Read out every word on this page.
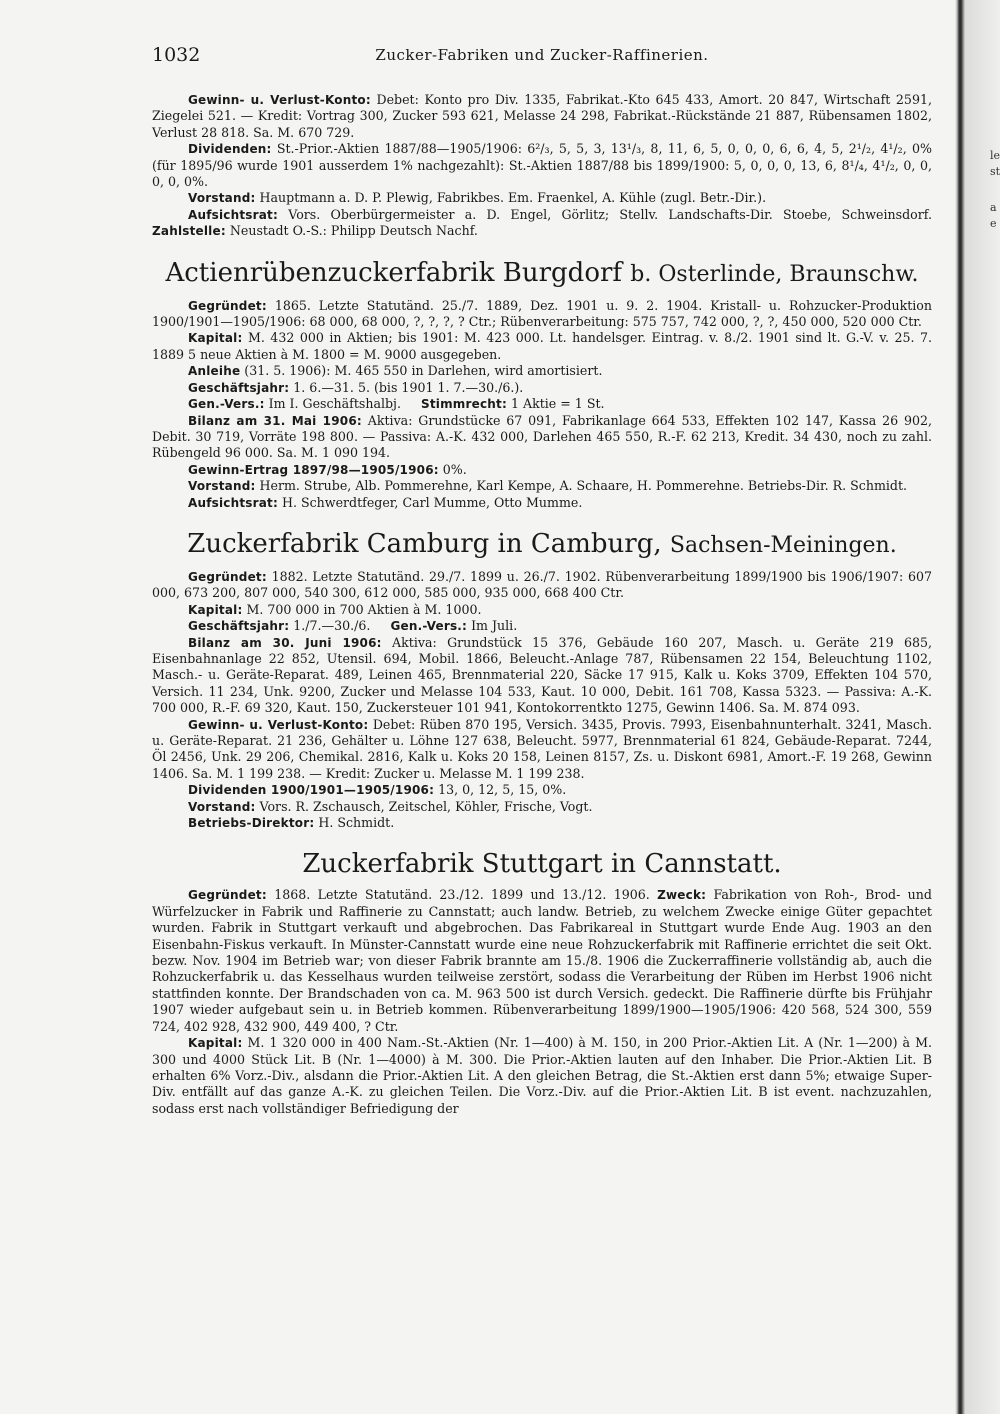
1032	Zucker-Fabriken und Zucker-Raffinerien.

Gewinn- u. Verlust-Konto: Debet: Konto pro Div. 1335, Fabrikat.-Kto 645 433, Amort. 20 847, Wirtschaft 2591, Ziegelei 521. — Kredit: Vortrag 300, Zucker 593 621, Melasse 24 298, Fabrikat.-Rückstände 21 887, Rübensamen 1802, Verlust 28 818. Sa. M. 670 729.

Dividenden: St.-Prior.-Aktien 1887/88—1905/1906: 6²/₃, 5, 5, 3, 13¹/₃, 8, 11, 6, 5, 0, 0, 0, 6, 6, 4, 5, 2¹/₂, 4¹/₂, 0% (für 1895/96 wurde 1901 ausserdem 1% nachgezahlt): St.-Aktien 1887/88 bis 1899/1900: 5, 0, 0, 0, 13, 6, 8¹/₄, 4¹/₂, 0, 0, 0, 0, 0%.

Vorstand: Hauptmann a. D. P. Plewig, Fabrikbes. Em. Fraenkel, A. Kühle (zugl. Betr.-Dir.).

Aufsichtsrat: Vors. Oberbürgermeister a. D. Engel, Görlitz; Stellv. Landschafts-Dir. Stoebe, Schweinsdorf. Zahlstelle: Neustadt O.-S.: Philipp Deutsch Nachf.

Actienrübenzuckerfabrik Burgdorf b. Osterlinde, Braunschw.

Gegründet: 1865. Letzte Statutänd. 25./7. 1889, Dez. 1901 u. 9. 2. 1904. Kristall- u. Rohzucker-Produktion 1900/1901—1905/1906: 68 000, 68 000, ?, ?, ?, ? Ctr.; Rübenverarbeitung: 575 757, 742 000, ?, ?, 450 000, 520 000 Ctr.

Kapital: M. 432 000 in Aktien; bis 1901: M. 423 000. Lt. handelsger. Eintrag. v. 8./2. 1901 sind lt. G.-V. v. 25. 7. 1889 5 neue Aktien à M. 1800 = M. 9000 ausgegeben.

Anleihe (31. 5. 1906): M. 465 550 in Darlehen, wird amortisiert.

Geschäftsjahr: 1. 6.—31. 5. (bis 1901 1. 7.—30./6.).

Gen.-Vers.: Im I. Geschäftshalbj. Stimmrecht: 1 Aktie = 1 St.

Bilanz am 31. Mai 1906: Aktiva: Grundstücke 67 091, Fabrikanlage 664 533, Effekten 102 147, Kassa 26 902, Debit. 30 719, Vorräte 198 800. — Passiva: A.-K. 432 000, Darlehen 465 550, R.-F. 62 213, Kredit. 34 430, noch zu zahl. Rübengeld 96 000. Sa. M. 1 090 194.

Gewinn-Ertrag 1897/98—1905/1906: 0%.

Vorstand: Herm. Strube, Alb. Pommerehne, Karl Kempe, A. Schaare, H. Pommerehne. Betriebs-Dir. R. Schmidt.

Aufsichtsrat: H. Schwerdtfeger, Carl Mumme, Otto Mumme.

Zuckerfabrik Camburg in Camburg, Sachsen-Meiningen.

Gegründet: 1882. Letzte Statutänd. 29./7. 1899 u. 26./7. 1902. Rübenverarbeitung 1899/1900 bis 1906/1907: 607 000, 673 200, 807 000, 540 300, 612 000, 585 000, 935 000, 668 400 Ctr.

Kapital: M. 700 000 in 700 Aktien à M. 1000.

Geschäftsjahr: 1./7.—30./6. Gen.-Vers.: Im Juli.

Bilanz am 30. Juni 1906: Aktiva: Grundstück 15 376, Gebäude 160 207, Masch. u. Geräte 219 685, Eisenbahnanlage 22 852, Utensil. 694, Mobil. 1866, Beleucht.-Anlage 787, Rübensamen 22 154, Beleuchtung 1102, Masch.- u. Geräte-Reparat. 489, Leinen 465, Brennmaterial 220, Säcke 17 915, Kalk u. Koks 3709, Effekten 104 570, Versich. 11 234, Unk. 9200, Zucker und Melasse 104 533, Kaut. 10 000, Debit. 161 708, Kassa 5323. — Passiva: A.-K. 700 000, R.-F. 69 320, Kaut. 150, Zuckersteuer 101 941, Kontokorrentkto 1275, Gewinn 1406. Sa. M. 874 093.

Gewinn- u. Verlust-Konto: Debet: Rüben 870 195, Versich. 3435, Provis. 7993, Eisenbahnunterhalt. 3241, Masch. u. Geräte-Reparat. 21 236, Gehälter u. Löhne 127 638, Beleucht. 5977, Brennmaterial 61 824, Gebäude-Reparat. 7244, Öl 2456, Unk. 29 206, Chemikal. 2816, Kalk u. Koks 20 158, Leinen 8157, Zs. u. Diskont 6981, Amort.-F. 19 268, Gewinn 1406. Sa. M. 1 199 238. — Kredit: Zucker u. Melasse M. 1 199 238.

Dividenden 1900/1901—1905/1906: 13, 0, 12, 5, 15, 0%.

Vorstand: Vors. R. Zschausch, Zeitschel, Köhler, Frische, Vogt.

Betriebs-Direktor: H. Schmidt.

Zuckerfabrik Stuttgart in Cannstatt.

Gegründet: 1868. Letzte Statutänd. 23./12. 1899 und 13./12. 1906. Zweck: Fabrikation von Roh-, Brod- und Würfelzucker in Fabrik und Raffinerie zu Cannstatt; auch landw. Betrieb, zu welchem Zwecke einige Güter gepachtet wurden. Fabrik in Stuttgart verkauft und abgebrochen. Das Fabrikareal in Stuttgart wurde Ende Aug. 1903 an den Eisenbahn-Fiskus verkauft. In Münster-Cannstatt wurde eine neue Rohzuckerfabrik mit Raffinerie errichtet die seit Okt. bezw. Nov. 1904 im Betrieb war; von dieser Fabrik brannte am 15./8. 1906 die Zuckerraffinerie vollständig ab, auch die Rohzuckerfabrik u. das Kesselhaus wurden teilweise zerstört, sodass die Verarbeitung der Rüben im Herbst 1906 nicht stattfinden konnte. Der Brandschaden von ca. M. 963 500 ist durch Versich. gedeckt. Die Raffinerie dürfte bis Frühjahr 1907 wieder aufgebaut sein u. in Betrieb kommen. Rübenverarbeitung 1899/1900—1905/1906: 420 568, 524 300, 559 724, 402 928, 432 900, 449 400, ? Ctr.

Kapital: M. 1 320 000 in 400 Nam.-St.-Aktien (Nr. 1—400) à M. 150, in 200 Prior.-Aktien Lit. A (Nr. 1—200) à M. 300 und 4000 Stück Lit. B (Nr. 1—4000) à M. 300. Die Prior.-Aktien lauten auf den Inhaber. Die Prior.-Aktien Lit. B erhalten 6% Vorz.-Div., alsdann die Prior.-Aktien Lit. A den gleichen Betrag, die St.-Aktien erst dann 5%; etwaige Super-Div. entfällt auf das ganze A.-K. zu gleichen Teilen. Die Vorz.-Div. auf die Prior.-Aktien Lit. B ist event. nachzuzahlen, sodass erst nach vollständiger Befriedigung der

le
st
a
e
